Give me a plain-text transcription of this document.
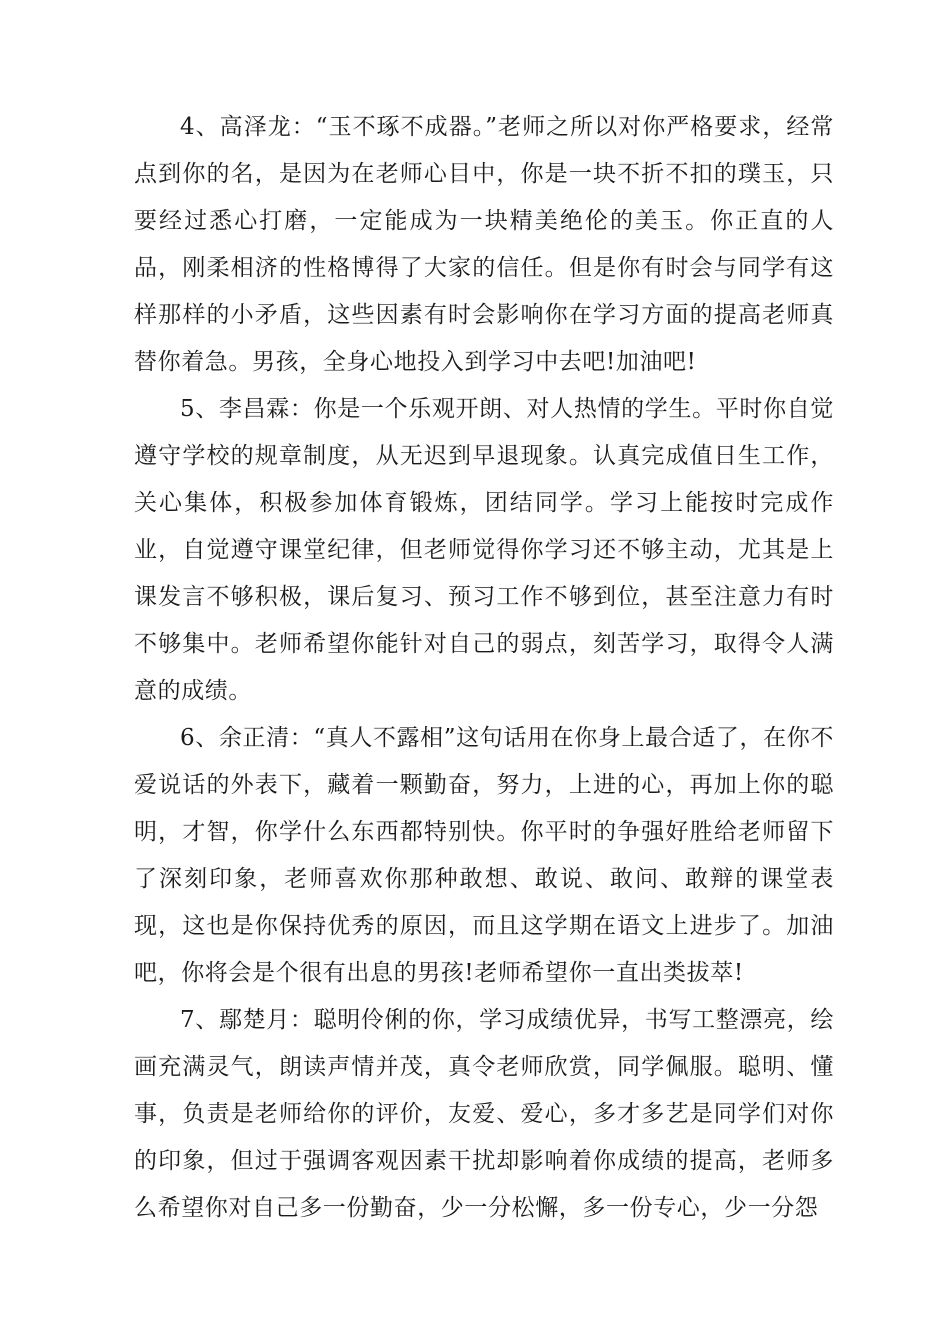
4、高泽龙：“玉不琢不成器。”老师之所以对你严格要求，经常点到你的名，是因为在老师心目中，你是一块不折不扣的璞玉，只要经过悉心打磨，一定能成为一块精美绝伦的美玉。你正直的人品，刚柔相济的性格博得了大家的信任。但是你有时会与同学有这样那样的小矛盾，这些因素有时会影响你在学习方面的提高老师真替你着急。男孩，全身心地投入到学习中去吧!加油吧!

5、李昌霖：你是一个乐观开朗、对人热情的学生。平时你自觉遵守学校的规章制度，从无迟到早退现象。认真完成值日生工作，关心集体，积极参加体育锻炼，团结同学。学习上能按时完成作业，自觉遵守课堂纪律，但老师觉得你学习还不够主动，尤其是上课发言不够积极，课后复习、预习工作不够到位，甚至注意力有时不够集中。老师希望你能针对自己的弱点，刻苦学习，取得令人满意的成绩。

6、余正清：“真人不露相”这句话用在你身上最合适了，在你不爱说话的外表下，藏着一颗勤奋，努力，上进的心，再加上你的聪明，才智，你学什么东西都特别快。你平时的争强好胜给老师留下了深刻印象，老师喜欢你那种敢想、敢说、敢问、敢辩的课堂表现，这也是你保持优秀的原因，而且这学期在语文上进步了。加油吧，你将会是个很有出息的男孩!老师希望你一直出类拔萃!

7、鄢楚月：聪明伶俐的你，学习成绩优异，书写工整漂亮，绘画充满灵气，朗读声情并茂，真令老师欣赏，同学佩服。聪明、懂事，负责是老师给你的评价，友爱、爱心，多才多艺是同学们对你的印象，但过于强调客观因素干扰却影响着你成绩的提高，老师多么希望你对自己多一份勤奋，少一分松懈，多一份专心，少一分怨
